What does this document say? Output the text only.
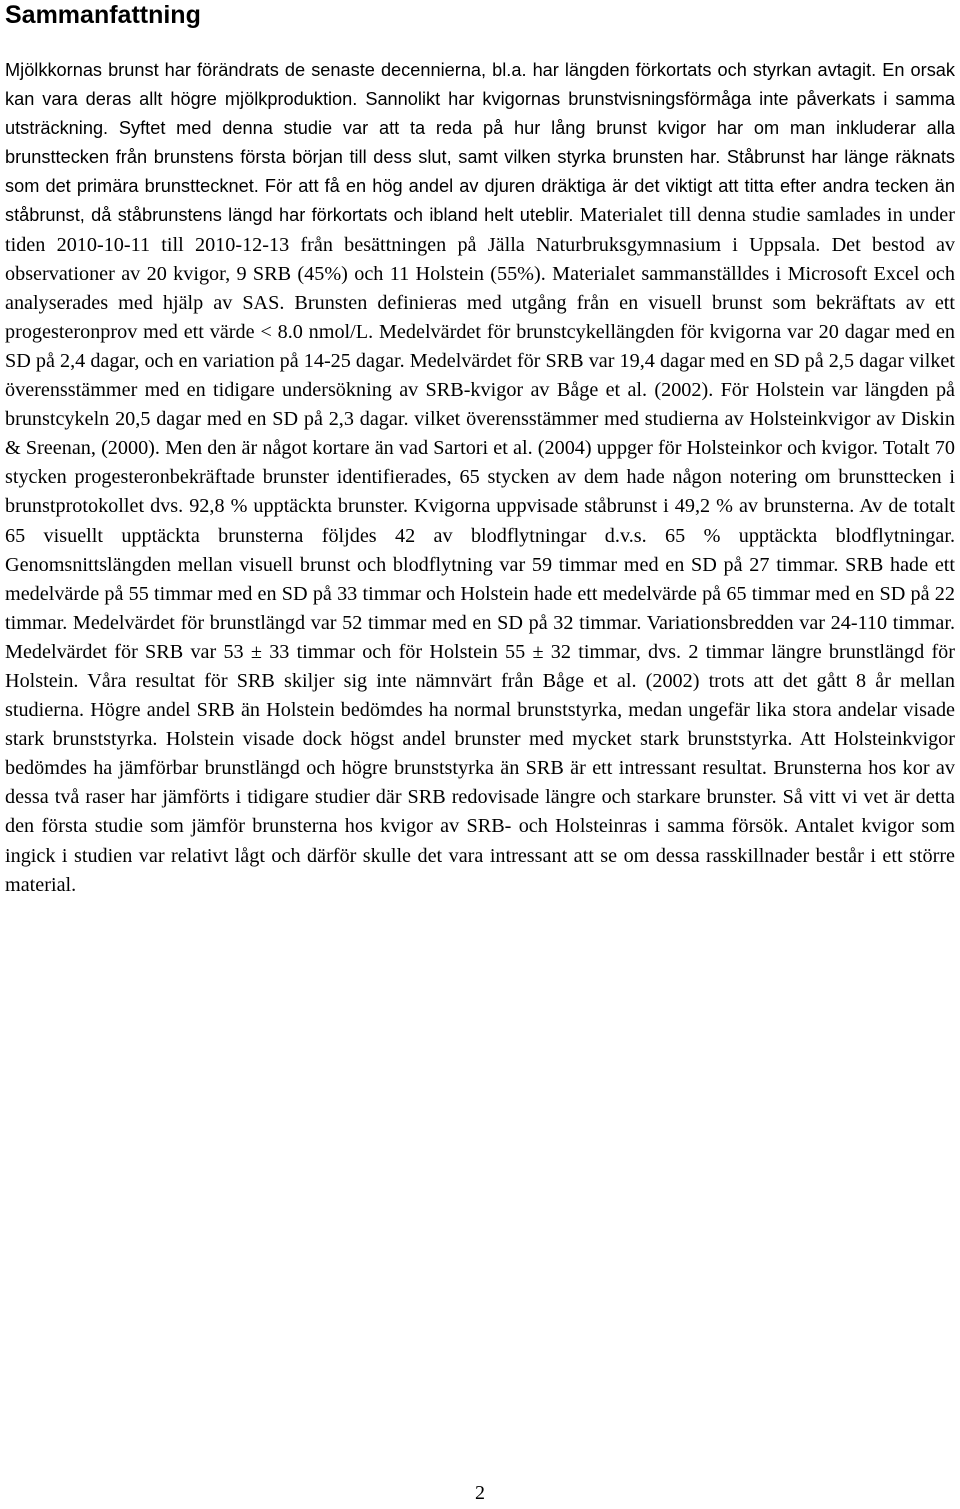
Sammanfattning

Mjölkkornas brunst har förändrats de senaste decennierna, bl.a. har längden förkortats och styrkan avtagit. En orsak kan vara deras allt högre mjölkproduktion. Sannolikt har kvigornas brunstvisningsförmåga inte påverkats i samma utsträckning. Syftet med denna studie var att ta reda på hur lång brunst kvigor har om man inkluderar alla brunsttecken från brunstens första början till dess slut, samt vilken styrka brunsten har. Ståbrunst har länge räknats som det primära brunsttecknet. För att få en hög andel av djuren dräktiga är det viktigt att titta efter andra tecken än ståbrunst, då ståbrunstens längd har förkortats och ibland helt uteblir. Materialet till denna studie samlades in under tiden 2010-10-11 till 2010-12-13 från besättningen på Jälla Naturbruksgymnasium i Uppsala. Det bestod av observationer av 20 kvigor, 9 SRB (45%) och 11 Holstein (55%). Materialet sammanställdes i Microsoft Excel och analyserades med hjälp av SAS. Brunsten definieras med utgång från en visuell brunst som bekräftats av ett progesteronprov med ett värde < 8.0 nmol/L. Medelvärdet för brunstcykellängden för kvigorna var 20 dagar med en SD på 2,4 dagar, och en variation på 14-25 dagar. Medelvärdet för SRB var 19,4 dagar med en SD på 2,5 dagar vilket överensstämmer med en tidigare undersökning av SRB-kvigor av Båge et al. (2002). För Holstein var längden på brunstcykeln 20,5 dagar med en SD på 2,3 dagar. vilket överensstämmer med studierna av Holsteinkvigor av Diskin & Sreenan, (2000). Men den är något kortare än vad Sartori et al. (2004) uppger för Holsteinkor och kvigor. Totalt 70 stycken progesteronbekräftade brunster identifierades, 65 stycken av dem hade någon notering om brunsttecken i brunstprotokollet dvs. 92,8 % upptäckta brunster. Kvigorna uppvisade ståbrunst i 49,2 % av brunsterna. Av de totalt 65 visuellt upptäckta brunsterna följdes 42 av blodflytningar d.v.s. 65 % upptäckta blodflytningar. Genomsnittslängden mellan visuell brunst och blodflytning var 59 timmar med en SD på 27 timmar. SRB hade ett medelvärde på 55 timmar med en SD på 33 timmar och Holstein hade ett medelvärde på 65 timmar med en SD på 22 timmar. Medelvärdet för brunstlängd var 52 timmar med en SD på 32 timmar. Variationsbredden var 24-110 timmar. Medelvärdet för SRB var 53 ± 33 timmar och för Holstein 55 ± 32 timmar, dvs. 2 timmar längre brunstlängd för Holstein. Våra resultat för SRB skiljer sig inte nämnvärt från Båge et al. (2002) trots att det gått 8 år mellan studierna. Högre andel SRB än Holstein bedömdes ha normal brunststyrka, medan ungefär lika stora andelar visade stark brunststyrka. Holstein visade dock högst andel brunster med mycket stark brunststyrka. Att Holsteinkvigor bedömdes ha jämförbar brunstlängd och högre brunststyrka än SRB är ett intressant resultat. Brunsterna hos kor av dessa två raser har jämförts i tidigare studier där SRB redovisade längre och starkare brunster. Så vitt vi vet är detta den första studie som jämför brunsterna hos kvigor av SRB- och Holsteinras i samma försök. Antalet kvigor som ingick i studien var relativt lågt och därför skulle det vara intressant att se om dessa rasskillnader består i ett större material.

2
